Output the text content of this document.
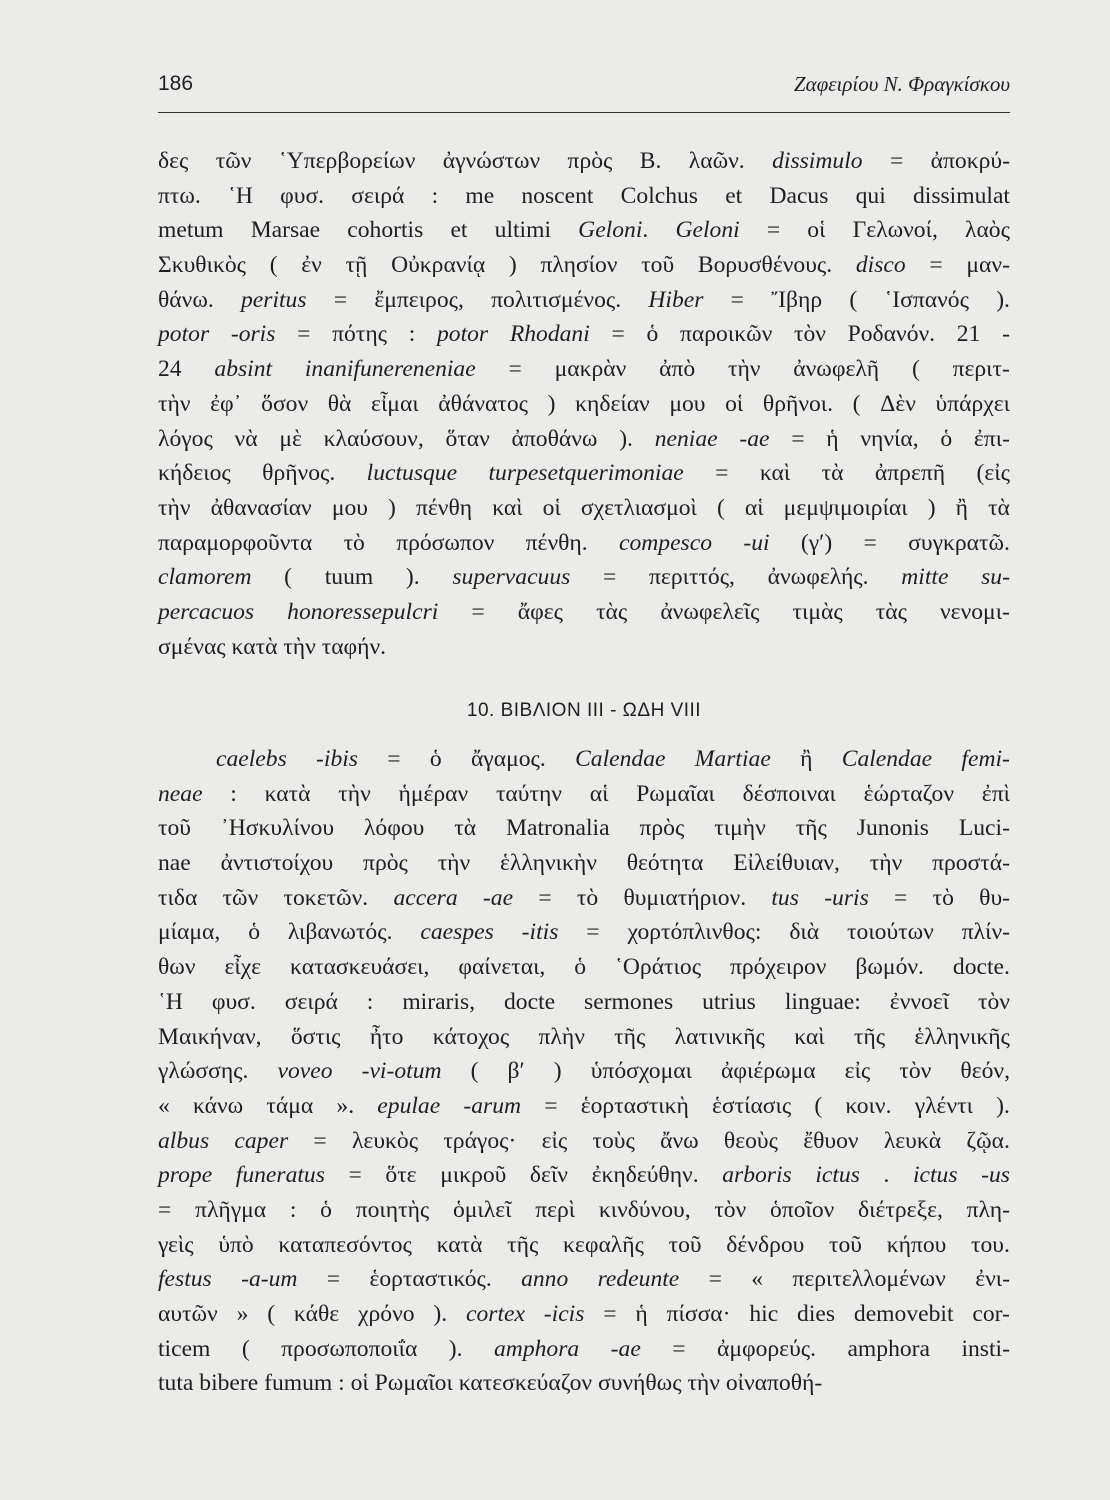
186	Ζαφειρίου Ν. Φραγκίσκου
δες τῶν ῾Υπερβορείων ἀγνώστων πρὸς Β. λαῶν. dissimulo = ἀποκρύ-
πτω. ῾Η φυσ. σειρά : me noscent Colchus et Dacus qui dissimulat
metum Marsae cohortis et ultimi Geloni. Geloni = οἱ Γελωνοί, λαὸς
Σκυθικὸς ( ἐν τῇ Οὐκρανίᾳ ) πλησίον τοῦ Βορυσθένους. disco = μαν-
θάνω. peritus = ἔμπειρος, πολιτισμένος. Hiber = Ἴβηρ ( ῾Ισπανός ).
potor -oris = πότης : potor Rhodani = ὁ παροικῶν τὸν Ροδανόν. 21 -
24 absint inanifunereneniae = μακρὰν ἀπὸ τὴν ἀνωφελῆ ( περιτ-
τὴν ἐφ᾽ ὅσον θὰ εἶμαι ἀθάνατος ) κηδείαν μου οἱ θρῆνοι. ( Δὲν ὑπάρχει
λόγος νὰ μὲ κλαύσουν, ὅταν ἀποθάνω ). neniae -ae = ἡ νηνία, ὁ ἐπι-
κήδειος θρῆνος. luctusque turpesetquerimoniae = καὶ τὰ ἀπρεπῆ (εἰς
τὴν ἀθανασίαν μου ) πένθη καὶ οἱ σχετλιασμοὶ ( αἱ μεμψιμοιρίαι ) ἢ τὰ
παραμορφοῦντα τὸ πρόσωπον πένθη. compesco -ui (γ′) = συγκρατῶ.
clamorem ( tuum ). supervacuus = περιττός, ἀνωφελής. mitte su-
percacuos honoressepulcri = ἄφες τὰς ἀνωφελεῖς τιμὰς τὰς νενομι-
σμένας κατὰ τὴν ταφήν.
10. ΒΙΒΛΙΟΝ III - ΩΔΗ VIII
caelebs -ibis = ὁ ἄγαμος. Calendae Martiae ἢ Calendae femi-
neae : κατὰ τὴν ἡμέραν ταύτην αἱ Ρωμαῖαι δέσποιναι ἑώρταζον ἐπὶ
τοῦ ᾿Ησκυλίνου λόφου τὰ Matronalia πρὸς τιμὴν τῆς Junonis Luci-
nae ἀντιστοίχου πρὸς τὴν ἑλληνικὴν θεότητα Εἰλείθυιαν, τὴν προστά-
τιδα τῶν τοκετῶν. accera -ae = τὸ θυμιατήριον. tus -uris = τὸ θυ-
μίαμα, ὁ λιβανωτός. caespes -itis = χορτόπλινθος: διὰ τοιούτων πλίν-
θων εἶχε κατασκευάσει, φαίνεται, ὁ ῾Οράτιος πρόχειρον βωμόν. docte.
῾Η φυσ. σειρά : miraris, docte sermones utrius linguae: ἐννοεῖ τὸν
Μαικήναν, ὅστις ἦτο κάτοχος πλὴν τῆς λατινικῆς καὶ τῆς ἑλληνικῆς
γλώσσης. voveo -vi-otum ( β′ ) ὑπόσχομαι ἀφιέρωμα εἰς τὸν θεόν,
« κάνω τάμα ». epulae -arum = ἑορταστικὴ ἑστίασις ( κοιν. γλέντι ).
albus caper = λευκὸς τράγος· εἰς τοὺς ἄνω θεοὺς ἔθυον λευκὰ ζῷα.
prope funeratus = ὅτε μικροῦ δεῖν ἐκηδεύθην. arboris ictus . ictus -us
= πλῆγμα : ὁ ποιητὴς ὁμιλεῖ περὶ κινδύνου, τὸν ὁποῖον διέτρεξε, πλη-
γεὶς ὑπὸ καταπεσόντος κατὰ τῆς κεφαλῆς τοῦ δένδρου τοῦ κήπου του.
festus -a-um = ἑορταστικός. anno redeunte = « περιτελλομένων ἐνι-
αυτῶν » ( κάθε χρόνο ). cortex -icis = ἡ πίσσα· hic dies demovebit cor-
ticem ( προσωποποιΐα ). amphora -ae = ἀμφορεύς. amphora insti-
tuta bibere fumum : οἱ Ρωμαῖοι κατεσκεύαζον συνήθως τὴν οἰναποθή-
